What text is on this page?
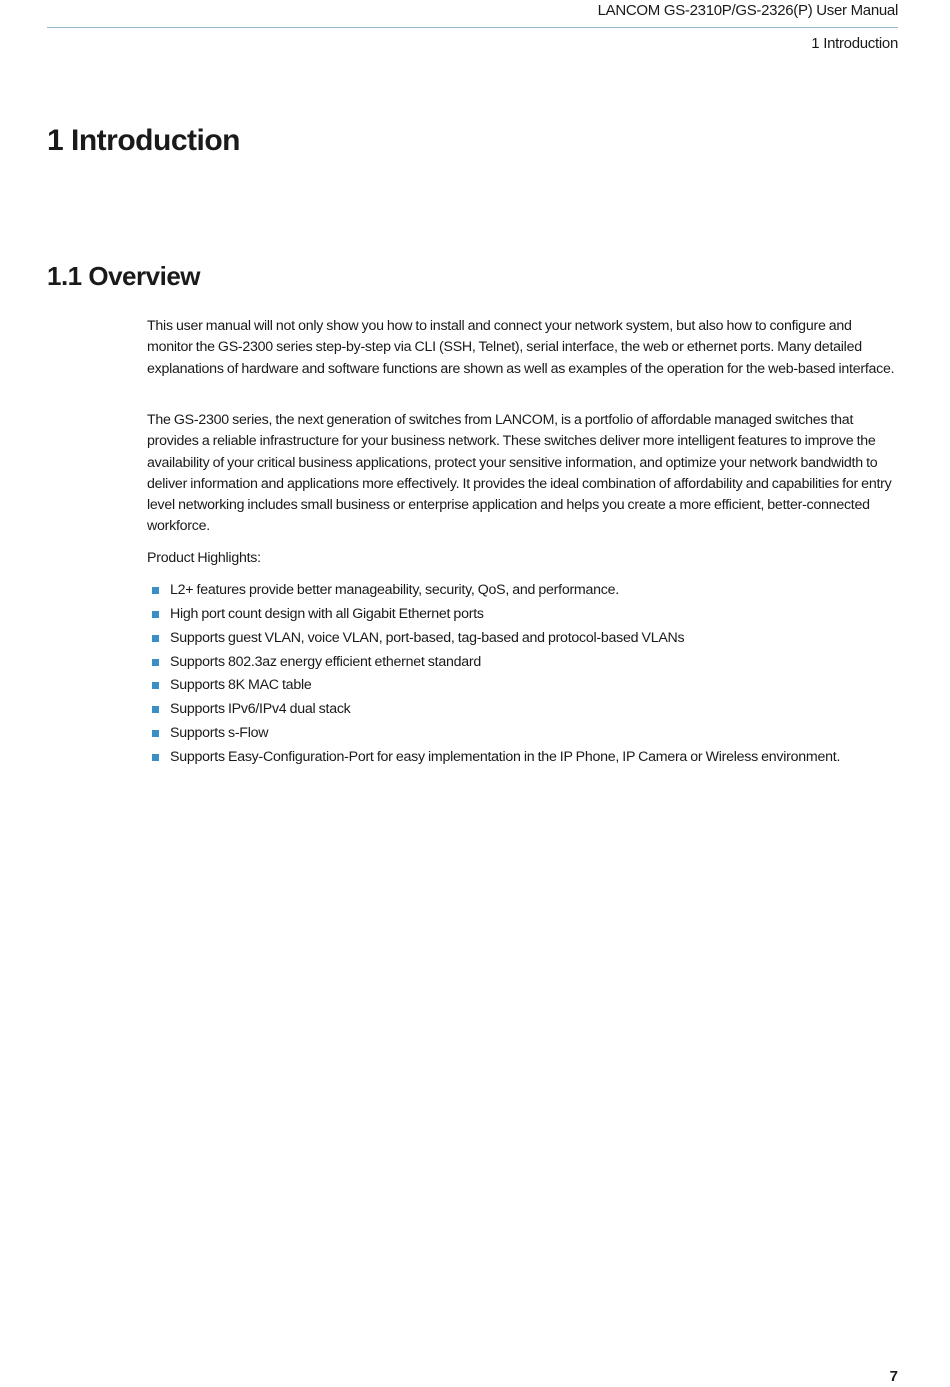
LANCOM GS-2310P/GS-2326(P) User Manual
1 Introduction
1 Introduction
1.1 Overview

This user manual will not only show you how to install and connect your network system, but also how to configure and monitor the GS-2300 series step-by-step via CLI (SSH, Telnet), serial interface, the web or ethernet ports. Many detailed explanations of hardware and software functions are shown as well as examples of the operation for the web-based interface.

The GS-2300 series, the next generation of switches from LANCOM, is a portfolio of affordable managed switches that provides a reliable infrastructure for your business network. These switches deliver more intelligent features to improve the availability of your critical business applications, protect your sensitive information, and optimize your network bandwidth to deliver information and applications more effectively. It provides the ideal combination of affordability and capabilities for entry level networking includes small business or enterprise application and helps you create a more efficient, better-connected workforce.

Product Highlights:

L2+ features provide better manageability, security, QoS, and performance.
High port count design with all Gigabit Ethernet ports
Supports guest VLAN, voice VLAN, port-based, tag-based and protocol-based VLANs
Supports 802.3az energy efficient ethernet standard
Supports 8K MAC table
Supports IPv6/IPv4 dual stack
Supports s-Flow
Supports Easy-Configuration-Port for easy implementation in the IP Phone, IP Camera or Wireless environment.
7
